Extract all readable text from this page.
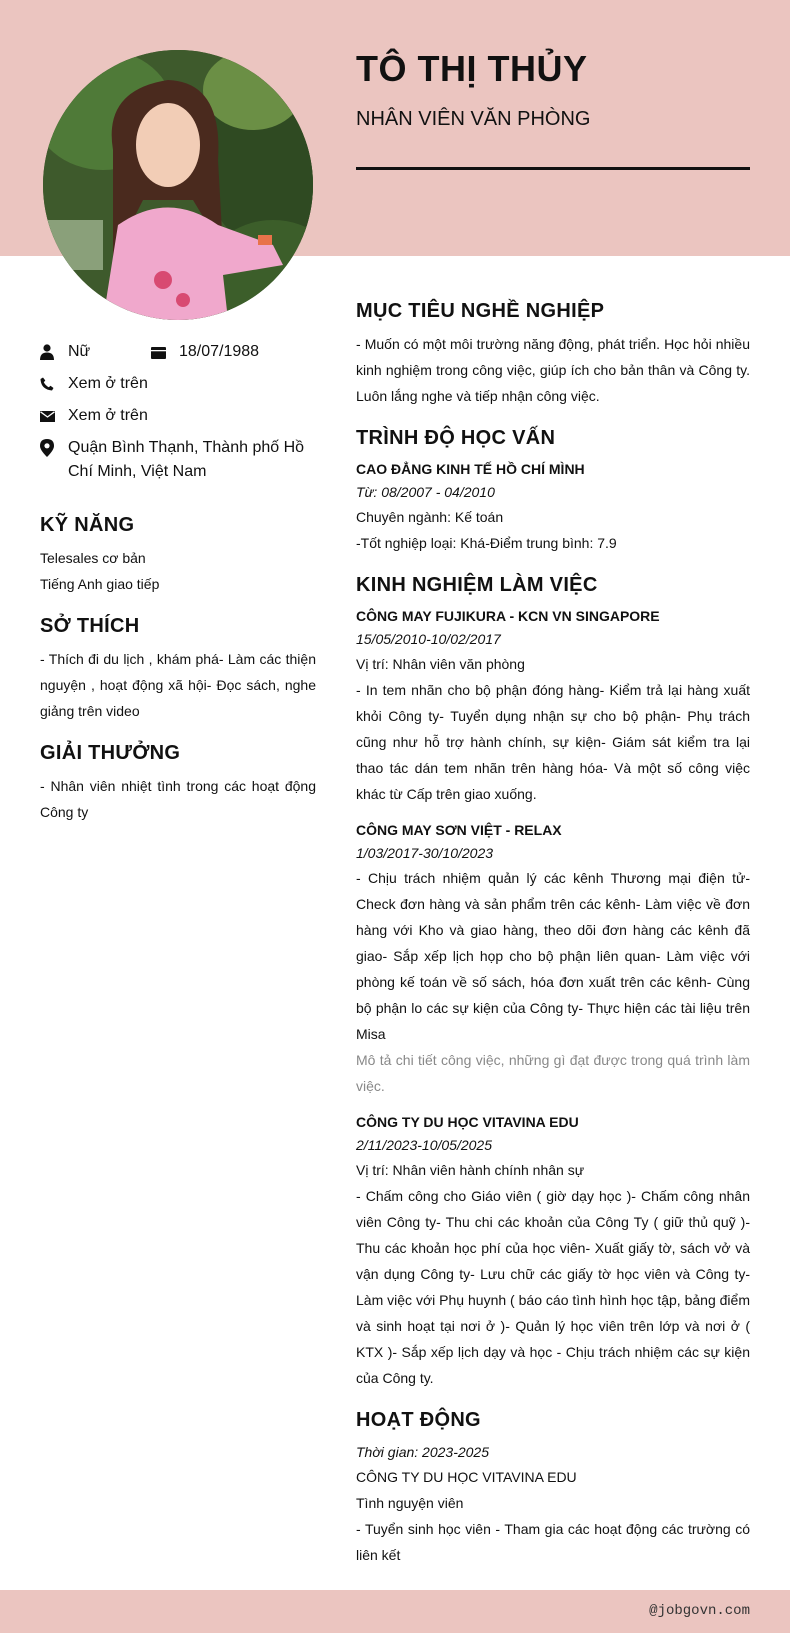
TÔ THỊ THỦY
NHÂN VIÊN VĂN PHÒNG
Nữ	18/07/1988
Xem ở trên
Xem ở trên
Quận Bình Thạnh, Thành phố Hồ Chí Minh, Việt Nam
KỸ NĂNG
Telesales cơ bản
Tiếng Anh giao tiếp
SỞ THÍCH
- Thích đi du lịch , khám phá- Làm các thiện nguyện , hoạt động xã hội- Đọc sách, nghe giảng trên video
GIẢI THƯỞNG
- Nhân viên nhiệt tình trong các hoạt động Công ty
MỤC TIÊU NGHỀ NGHIỆP
- Muốn có một môi trường năng động, phát triển. Học hỏi nhiều kinh nghiệm trong công việc, giúp ích cho bản thân và Công ty. Luôn lắng nghe và tiếp nhận công việc.
TRÌNH ĐỘ HỌC VẤN
CAO ĐẲNG KINH TẾ HỒ CHÍ MÌNH
Từ: 08/2007 - 04/2010
Chuyên ngành: Kế toán
-Tốt nghiệp loại: Khá-Điểm trung bình: 7.9
KINH NGHIỆM LÀM VIỆC
CÔNG MAY FUJIKURA - KCN VN SINGAPORE
15/05/2010-10/02/2017
Vị trí: Nhân viên văn phòng
- In tem nhãn cho bộ phận đóng hàng- Kiểm trả lại hàng xuất khỏi Công ty- Tuyển dụng nhận sự cho bộ phận- Phụ trách cũng như hỗ trợ hành chính, sự kiện- Giám sát kiểm tra lại thao tác dán tem nhãn trên hàng hóa- Và một số công việc khác từ Cấp trên giao xuống.
CÔNG MAY SƠN VIỆT - RELAX
1/03/2017-30/10/2023
- Chịu trách nhiệm quản lý các kênh Thương mại điện tử- Check đơn hàng và sản phẩm trên các kênh- Làm việc về đơn hàng với Kho và giao hàng, theo dõi đơn hàng các kênh đã giao- Sắp xếp lịch họp cho bộ phận liên quan- Làm việc với phòng kế toán về số sách, hóa đơn xuất trên các kênh- Cùng bộ phận lo các sự kiện của Công ty- Thực hiện các tài liệu trên Misa
Mô tả chi tiết công việc, những gì đạt được trong quá trình làm việc.
CÔNG TY DU HỌC VITAVINA EDU
2/11/2023-10/05/2025
Vị trí: Nhân viên hành chính nhân sự
- Chấm công cho Giáo viên ( giờ dạy học )- Chấm công nhân viên Công ty- Thu chi các khoản của Công Ty ( giữ thủ quỹ )- Thu các khoản học phí của học viên- Xuất giấy tờ, sách vở và vận dụng Công ty- Lưu chữ các giấy tờ học viên và Công ty- Làm việc với Phụ huynh ( báo cáo tình hình học tập, bảng điểm và sinh hoạt tại nơi ở )- Quản lý học viên trên lớp và nơi ở ( KTX )- Sắp xếp lịch dạy và học - Chịu trách nhiệm các sự kiện của Công ty.
HOẠT ĐỘNG
Thời gian: 2023-2025
CÔNG TY DU HỌC VITAVINA EDU
Tình nguyện viên
- Tuyển sinh học viên - Tham gia các hoạt động các trường có liên kết
@jobgovn.com
